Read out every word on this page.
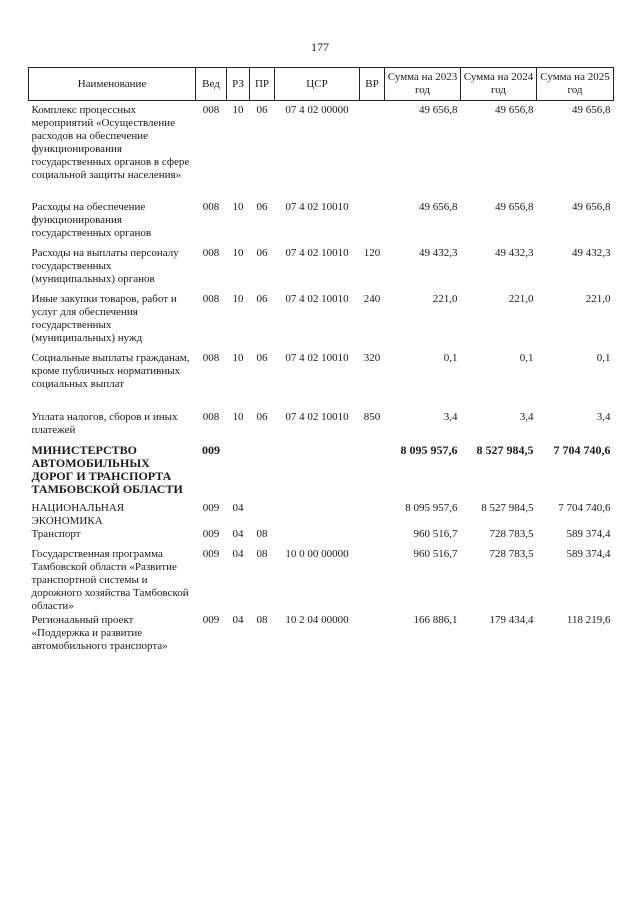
177
Наименование	Вед	РЗ	ПР	ЦСР	ВР	Сумма на 2023 год	Сумма на 2024 год	Сумма на 2025 год
Комплекс процессных мероприятий «Осуществление расходов на обеспечение функционирования государственных органов в сфере социальной защиты населения»	008	10	06	07 4 02 00000		49 656,8	49 656,8	49 656,8
Расходы на обеспечение функционирования государственных органов	008	10	06	07 4 02 10010		49 656,8	49 656,8	49 656,8
Расходы на выплаты персоналу государственных (муниципальных) органов	008	10	06	07 4 02 10010	120	49 432,3	49 432,3	49 432,3
Иные закупки товаров, работ и услуг для обеспечения государственных (муниципальных) нужд	008	10	06	07 4 02 10010	240	221,0	221,0	221,0
Социальные выплаты гражданам, кроме публичных нормативных социальных выплат	008	10	06	07 4 02 10010	320	0,1	0,1	0,1
Уплата налогов, сборов и иных платежей	008	10	06	07 4 02 10010	850	3,4	3,4	3,4
МИНИСТЕРСТВО АВТОМОБИЛЬНЫХ ДОРОГ И ТРАНСПОРТА ТАМБОВСКОЙ ОБЛАСТИ	009					8 095 957,6	8 527 984,5	7 704 740,6
НАЦИОНАЛЬНАЯ ЭКОНОМИКА	009	04				8 095 957,6	8 527 984,5	7 704 740,6
Транспорт	009	04	08			960 516,7	728 783,5	589 374,4
Государственная программа Тамбовской области «Развитие транспортной системы и дорожного хозяйства Тамбовской области»	009	04	08	10 0 00 00000		960 516,7	728 783,5	589 374,4
Региональный проект «Поддержка и развитие автомобильного транспорта»	009	04	08	10 2 04 00000		166 886,1	179 434,4	118 219,6
